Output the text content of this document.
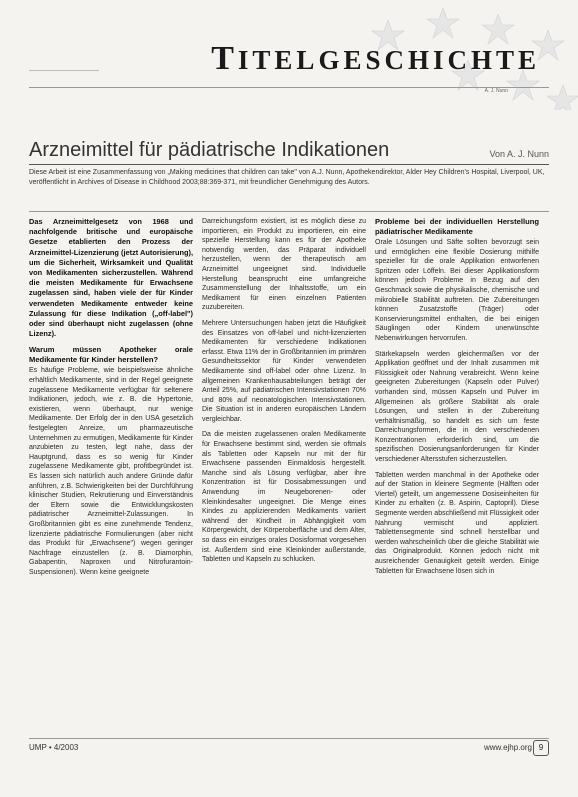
TITELGESCHICHTE
A. J. Nunn
Arzneimittel für pädiatrische Indikationen	Von A. J. Nunn
Diese Arbeit ist eine Zusammenfassung von „Making medicines that children can take" von A.J. Nunn, Apothekendirektor, Alder Hey Children's Hospital, Liverpool, UK, veröffentlicht in Archives of Disease in Childhood 2003;88:369-371, mit freundlicher Genehmigung des Autors.

Das Arzneimittelgesetz von 1968 und nachfolgende britische und europäische Gesetze etablierten den Prozess der Arzneimittel-Lizenzierung (jetzt Autorisierung), um die Sicherheit, Wirksamkeit und Qualität von Medikamenten sicherzustellen. Während die meisten Medikamente für Erwachsene zugelassen sind, haben viele der für Kinder verwendeten Medikamente entweder keine Zulassung für diese Indikation („off-label") oder sind überhaupt nicht zugelassen (ohne Lizenz).

Warum müssen Apotheker orale Medikamente für Kinder herstellen?

Es häufige Probleme, wie beispielsweise ähnliche erhältlich Medikamente, sind in der Regel geeignete zugelassene Medikamente verfügbar für seltenere Indikationen, jedoch, wie z. B. die Hypertonie, existieren, wenn überhaupt, nur wenige Medikamente. Der Erfolg der in den USA gesetzlich festgelegten Anreize, um pharmazeutische Unternehmen zu ermutigen, Medikamente für Kinder anzubieten zu testen, legt nahe, dass der Hauptgrund, dass es so wenig für Kinder zugelassene Medikamente gibt, profitbegründet ist. Es lassen sich natürlich auch andere Gründe dafür anführen, z.B. Schwierigkeiten bei der Durchführung klinischer Studien, Rekrutierung und Einverständnis der Eltern sowie die Entwicklungskosten pädiatrischer Arzneimittel-Zulassungen. In Großbritannien gibt es eine zunehmende Tendenz, lizenzierte pädiatrische Formulierungen (aber nicht das Produkt für „Erwachsene") wegen geringer Nachfrage einzustellen (z. B. Diamorphin, Gabapentin, Naproxen und Nitrofurantoin-Suspensionen). Wenn keine geeignete

Darreichungsform existiert, ist es möglich diese zu importieren, ein Produkt zu importieren, ein eine spezielle Herstellung kann es für der Apotheke notwendig werden, das Präparat individuell herzustellen, wenn der therapeutisch am Arzneimittel ungeeignet sind. Individuelle Herstellung beansprucht eine umfangreiche Zusammenstellung der Inhaltsstoffe, um ein Medikament für einen einzelnen Patienten zuzubereiten.

Mehrere Untersuchungen haben jetzt die Häufigkeit des Einsatzes von off-label und nicht-lizenzierten Medikamenten für verschiedene Indikationen erfasst. Etwa 11% der in Großbritannien im primären Gesundheitssektor für Kinder verwendeten Medikamente sind off-label oder ohne Lizenz. In allgemeinen Krankenhausabteilungen beträgt der Anteil 25%, auf pädiatrischen Intensivstationen 70% und 80% auf neonatologischen Intensivstationen. Die Situation ist in anderen europäischen Ländern vergleichbar.

Da die meisten zugelassenen oralen Medikamente für Erwachsene bestimmt sind, werden sie oftmals als Tabletten oder Kapseln nur mit der für Erwachsene passenden Einmaldosis hergestellt. Manche sind als Lösung verfügbar, aber ihre Konzentration ist für Dosisabmessungen und Anwendung im Neugeborenen- oder Kleinkindesalter ungeeignet. Die Menge eines Kindes zu applizierenden Medikaments variiert während der Kindheit in Abhängigkeit vom Körpergewicht, der Körperoberfläche und dem Alter, so dass ein einziges orales Dosisformat vorgesehen ist. Außerdem sind eine Kleinkinder außerstande, Tabletten und Kapseln zu schlucken.

Probleme bei der individuellen Herstellung pädiatrischer Medikamente

Orale Lösungen und Säfte sollten bevorzugt sein und ermöglichen eine flexible Dosierung mithilfe spezieller für die orale Applikation entworfenen Spritzen oder Löffeln. Bei dieser Applikationsform können jedoch Probleme in Bezug auf den Geschmack sowie die physikalische, chemische und mikrobielle Stabilität auftreten. Die Zubereitungen können Zusatzstoffe (Träger) oder Konservierungsmittel enthalten, die bei einigen Säuglingen oder Kindern unerwünschte Nebenwirkungen hervorrufen.

Stärkekapseln werden gleichermaßen vor der Applikation geöffnet und der Inhalt zusammen mit Flüssigkeit oder Nahrung verabreicht. Wenn keine geeigneten Zubereitungen (Kapseln oder Pulver) vorhanden sind, müssen Kapseln und Pulver im Allgemeinen als größere Stabilität als orale Lösungen, und stellen in der Zubereitung verhältnismäßig, so handelt es sich um feste Darreichungsformen, die in den verschiedenen Konzentrationen erforderlich sind, um die spezifischen Dosierungsanforderungen für Kinder verschiedener Altersstufen sicherzustellen.

Tabletten werden manchmal in der Apotheke oder auf der Station in kleinere Segmente (Hälften oder Viertel) geteilt, um angemessene Dosiseinheiten für Kinder zu erhalten (z. B. Aspirin, Captopril). Diese Segmente werden abschließend mit Flüssigkeit oder Nahrung vermischt und appliziert. Tablettensegmente sind schnell herstellbar und werden wahrscheinlich über die gleiche Stabilität wie das Originalprodukt. Können jedoch nicht mit ausreichender Genauigkeit geteilt werden. Einige Tabletten für Erwachsene lösen sich in

UMP • 4/2003	www.ejhp.org 9
